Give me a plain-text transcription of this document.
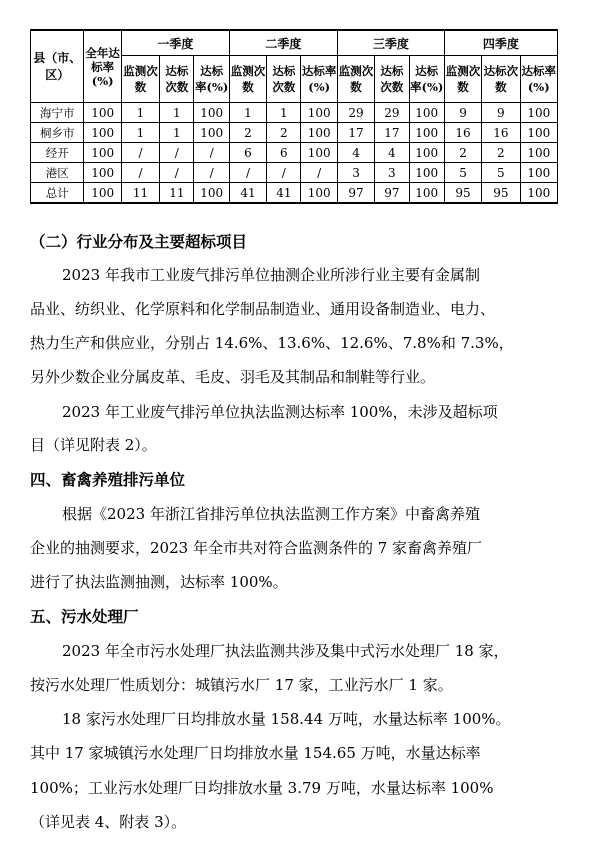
县（市、区）	全年达标率(%)	一季度			二季度			三季度			四季度		
		监测次数	达标次数	达标率(%)	监测次数	达标次数	达标率(%)	监测次数	达标次数	达标率(%)	监测次数	达标次数	达标率(%)
海宁市	100	1	1	100	1	1	100	29	29	100	9	9	100
桐乡市	100	1	1	100	2	2	100	17	17	100	16	16	100
经开	100	/	/	/	6	6	100	4	4	100	2	2	100
港区	100	/	/	/	/	/	/	3	3	100	5	5	100
总计	100	11	11	100	41	41	100	97	97	100	95	95	100
（二）行业分布及主要超标项目
2023 年我市工业废气排污单位抽测企业所涉行业主要有金属制
品业、纺织业、化学原料和化学制品制造业、通用设备制造业、电力、
热力生产和供应业，分别占 14.6%、13.6%、12.6%、7.8%和 7.3%，
另外少数企业分属皮革、毛皮、羽毛及其制品和制鞋等行业。
2023 年工业废气排污单位执法监测达标率 100%，未涉及超标项
目（详见附表 2）。
四、畜禽养殖排污单位
根据《2023 年浙江省排污单位执法监测工作方案》中畜禽养殖
企业的抽测要求，2023 年全市共对符合监测条件的 7 家畜禽养殖厂
进行了执法监测抽测，达标率 100%。
五、污水处理厂
2023 年全市污水处理厂执法监测共涉及集中式污水处理厂 18 家，
按污水处理厂性质划分：城镇污水厂 17 家，工业污水厂 1 家。
18 家污水处理厂日均排放水量 158.44 万吨，水量达标率 100%。
其中 17 家城镇污水处理厂日均排放水量 154.65 万吨，水量达标率
100%；工业污水处理厂日均排放水量 3.79 万吨，水量达标率 100%
（详见表 4、附表 3）。
